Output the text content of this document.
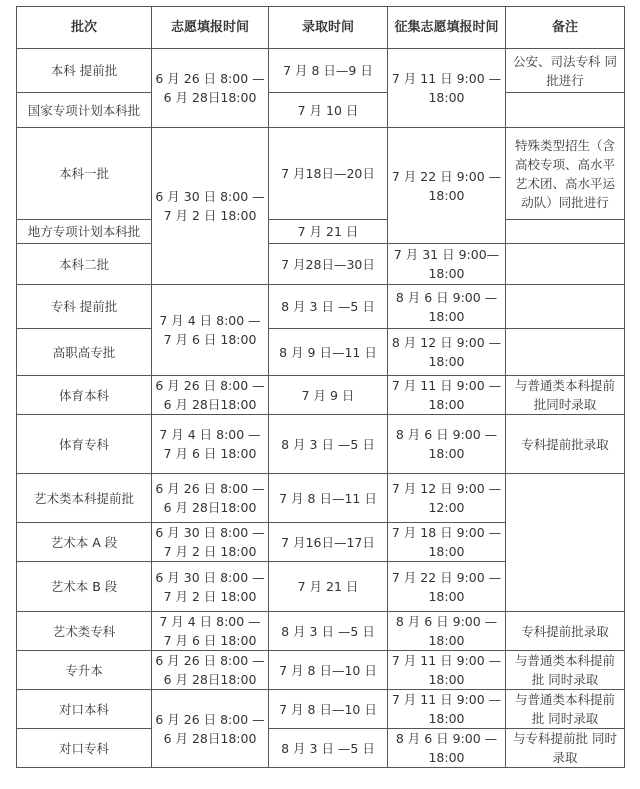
批次	志愿填报时间	录取时间	征集志愿填报时间	备注
本科 提前批	6 月 26 日 8:00 — 6 月 28日18:00	7 月 8 日—9 日	7 月 11 日 9:00 — 18:00	公安、司法专科 同批进行
国家专项计划本科批		7 月 10 日		
本科一批	6 月 30 日 8:00 — 7 月 2 日 18:00	7 月18日—20日	7 月 22 日 9:00 — 18:00	特殊类型招生（含高校专项、高水平艺术团、高水平运动队）同批进行
地方专项计划本科批		7 月 21 日		
本科二批		7 月28日—30日	7 月 31 日 9:00—18:00	
专科 提前批	7 月 4 日 8:00 — 7 月 6 日 18:00	8 月 3 日 —5 日	8 月 6 日 9:00 — 18:00	
高职高专批		8 月 9 日—11 日	8 月 12 日 9:00 — 18:00	
体育本科	6 月 26 日 8:00 — 6 月 28日18:00	7 月 9 日	7 月 11 日 9:00 — 18:00	与普通类本科提前批同时录取
体育专科	7 月 4 日 8:00 — 7 月 6 日 18:00	8 月 3 日 —5 日	8 月 6 日 9:00 — 18:00	专科提前批录取
艺术类本科提前批	6 月 26 日 8:00 — 6 月 28日18:00	7 月 8 日—11 日	7 月 12 日 9:00 — 12:00	
艺术本 A 段	6 月 30 日 8:00 — 7 月 2 日 18:00	7 月16日—17日	7 月 18 日 9:00 — 18:00	
艺术本 B 段	6 月 30 日 8:00 — 7 月 2 日 18:00	7 月 21 日	7 月 22 日 9:00 — 18:00	
艺术类专科	7 月 4 日 8:00 — 7 月 6 日 18:00	8 月 3 日 —5 日	8 月 6 日 9:00 — 18:00	专科提前批录取
专升本	6 月 26 日 8:00 — 6 月 28日18:00	7 月 8 日—10 日	7 月 11 日 9:00 — 18:00	与普通类本科提前批 同时录取
对口本科	6 月 26 日 8:00 — 6 月 28日18:00	7 月 8 日—10 日	7 月 11 日 9:00 — 18:00	与普通类本科提前批 同时录取
对口专科		8 月 3 日 —5 日	8 月 6 日 9:00 — 18:00	与专科提前批 同时录取
